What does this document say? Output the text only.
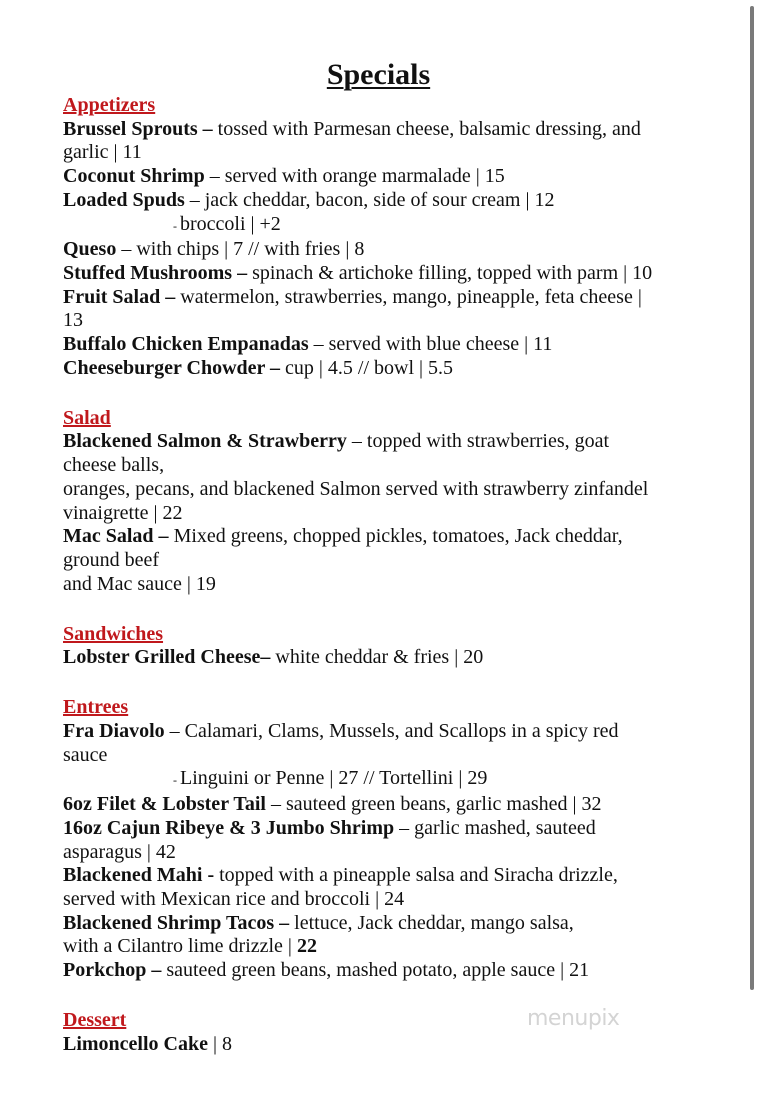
Specials
Appetizers
Brussel Sprouts – tossed with Parmesan cheese, balsamic dressing, and
garlic | 11
Coconut Shrimp – served with orange marmalade | 15
Loaded Spuds – jack cheddar, bacon, side of sour cream | 12
- broccoli | +2
Queso – with chips | 7 // with fries | 8
Stuffed Mushrooms – spinach & artichoke filling, topped with parm | 10
Fruit Salad – watermelon, strawberries, mango, pineapple, feta cheese |
13
Buffalo Chicken Empanadas – served with blue cheese | 11
Cheeseburger Chowder – cup | 4.5 // bowl | 5.5
Salad
Blackened Salmon & Strawberry – topped with strawberries, goat
cheese balls,
oranges, pecans, and blackened Salmon served with strawberry zinfandel
vinaigrette | 22
Mac Salad – Mixed greens, chopped pickles, tomatoes, Jack cheddar,
ground beef
and Mac sauce | 19
Sandwiches
Lobster Grilled Cheese– white cheddar & fries | 20
Entrees
Fra Diavolo – Calamari, Clams, Mussels, and Scallops in a spicy red
sauce
- Linguini or Penne | 27 // Tortellini | 29
6oz Filet & Lobster Tail – sauteed green beans, garlic mashed | 32
16oz Cajun Ribeye & 3 Jumbo Shrimp – garlic mashed, sauteed
asparagus | 42
Blackened Mahi - topped with a pineapple salsa and Siracha drizzle,
served with Mexican rice and broccoli | 24
Blackened Shrimp Tacos – lettuce, Jack cheddar, mango salsa,
with a Cilantro lime drizzle | 22
Porkchop – sauteed green beans, mashed potato, apple sauce | 21
Dessert
Limoncello Cake | 8
menupix
